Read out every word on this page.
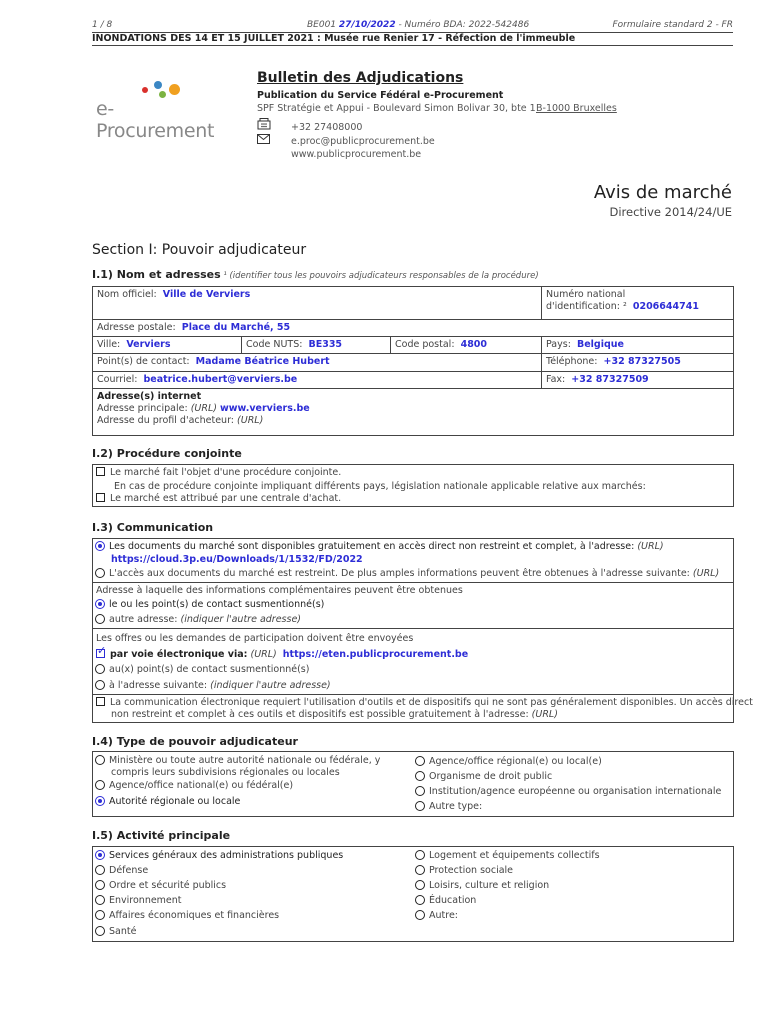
1 / 8	BE001 27/10/2022 - Numéro BDA: 2022-542486	Formulaire standard 2 - FR
INONDATIONS DES 14 ET 15 JUILLET 2021 : Musée rue Renier 17 - Réfection de l'immeuble
e-Procurement
Bulletin des Adjudications
Publication du Service Fédéral e-Procurement
SPF Stratégie et Appui - Boulevard Simon Bolivar 30, bte 1 B-1000 Bruxelles
+32 27408000
e.proc@publicprocurement.be
www.publicprocurement.be
Avis de marché
Directive 2014/24/UE
Section I: Pouvoir adjudicateur
I.1) Nom et adresses ¹ (identifier tous les pouvoirs adjudicateurs responsables de la procédure)
Nom officiel: Ville de Verviers	Numéro national
d'identification: ² 0206644741
Adresse postale: Place du Marché, 55
Ville: Verviers	Code NUTS: BE335	Code postal: 4800	Pays: Belgique
Point(s) de contact: Madame Béatrice Hubert	Téléphone: +32 87327505
Courriel: beatrice.hubert@verviers.be	Fax: +32 87327509
Adresse(s) internet
Adresse principale: (URL) www.verviers.be
Adresse du profil d'acheteur: (URL)
I.2) Procédure conjointe
Le marché fait l'objet d'une procédure conjointe.
En cas de procédure conjointe impliquant différents pays, législation nationale applicable relative aux marchés:
Le marché est attribué par une centrale d'achat.
I.3) Communication
Les documents du marché sont disponibles gratuitement en accès direct non restreint et complet, à l'adresse: (URL)
https://cloud.3p.eu/Downloads/1/1532/FD/2022
L'accès aux documents du marché est restreint. De plus amples informations peuvent être obtenues à l'adresse suivante: (URL)
Adresse à laquelle des informations complémentaires peuvent être obtenues
le ou les point(s) de contact susmentionné(s)
autre adresse: (indiquer l'autre adresse)
Les offres ou les demandes de participation doivent être envoyées
✓par voie électronique via: (URL) https://eten.publicprocurement.be
au(x) point(s) de contact susmentionné(s)
à l'adresse suivante: (indiquer l'autre adresse)
La communication électronique requiert l'utilisation d'outils et de dispositifs qui ne sont pas généralement disponibles. Un accès direct
non restreint et complet à ces outils et dispositifs est possible gratuitement à l'adresse: (URL)
I.4) Type de pouvoir adjudicateur
Ministère ou toute autre autorité nationale ou fédérale, y
compris leurs subdivisions régionales ou locales
Agence/office national(e) ou fédéral(e)
Autorité régionale ou locale
Agence/office régional(e) ou local(e)
Organisme de droit public
Institution/agence européenne ou organisation internationale
Autre type:
I.5) Activité principale
Services généraux des administrations publiques
Défense
Ordre et sécurité publics
Environnement
Affaires économiques et financières
Santé
Logement et équipements collectifs
Protection sociale
Loisirs, culture et religion
Éducation
Autre:
